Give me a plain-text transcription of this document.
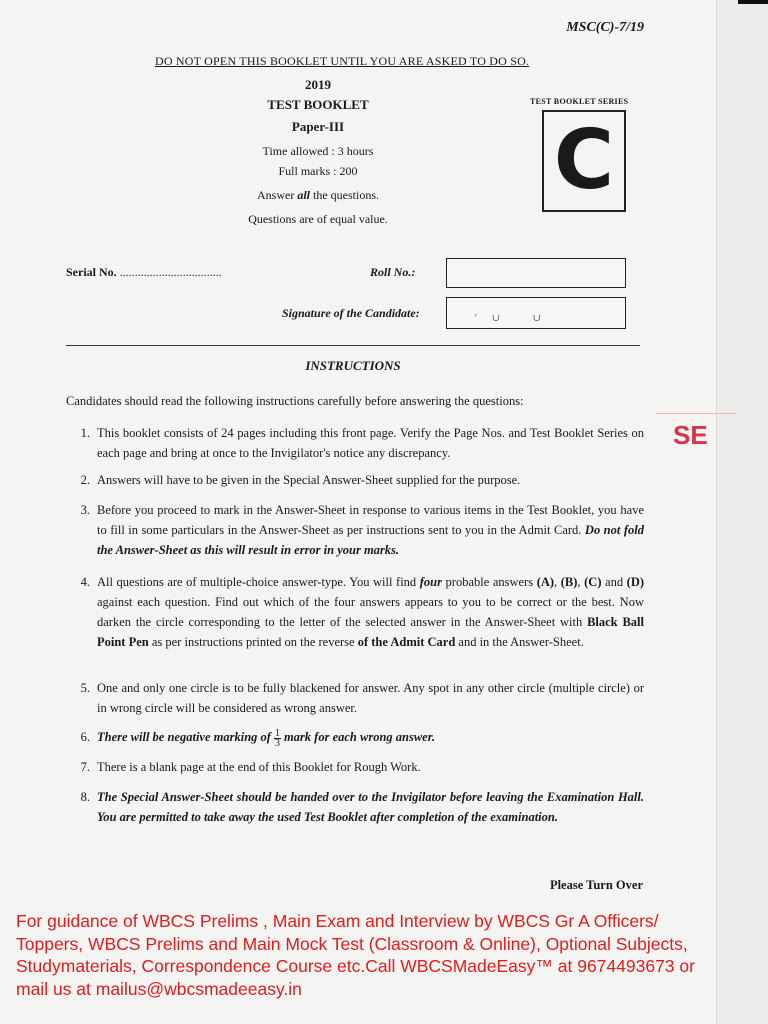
MSC(C)-7/19
DO NOT OPEN THIS BOOKLET UNTIL YOU ARE ASKED TO DO SO.
2019
TEST BOOKLET
Paper-III
Time allowed : 3 hours
Full marks : 200
Answer all the questions.
Questions are of equal value.
TEST BOOKLET SERIES
C
Serial No. ..................................	Roll No.:
Signature of the Candidate:	'      ∪             ∪
INSTRUCTIONS
Candidates should read the following instructions carefully before answering the questions:
1. This booklet consists of 24 pages including this front page. Verify the Page Nos. and Test Booklet Series on each page and bring at once to the Invigilator's notice any discrepancy.
2. Answers will have to be given in the Special Answer-Sheet supplied for the purpose.
3. Before you proceed to mark in the Answer-Sheet in response to various items in the Test Booklet, you have to fill in some particulars in the Answer-Sheet as per instructions sent to you in the Admit Card. Do not fold the Answer-Sheet as this will result in error in your marks.
4. All questions are of multiple-choice answer-type. You will find four probable answers (A), (B), (C) and (D) against each question. Find out which of the four answers appears to you to be correct or the best. Now darken the circle corresponding to the letter of the selected answer in the Answer-Sheet with Black Ball Point Pen as per instructions printed on the reverse of the Admit Card and in the Answer-Sheet.
5. One and only one circle is to be fully blackened for answer. Any spot in any other circle (multiple circle) or in wrong circle will be considered as wrong answer.
6. There will be negative marking of $\frac{1}{3}$ mark for each wrong answer.
7. There is a blank page at the end of this Booklet for Rough Work.
8. The Special Answer-Sheet should be handed over to the Invigilator before leaving the Examination Hall. You are permitted to take away the used Test Booklet after completion of the examination.
Please Turn Over
SE
For guidance of WBCS Prelims , Main Exam and Interview by WBCS Gr A Officers/ Toppers, WBCS Prelims and Main Mock Test (Classroom & Online), Optional Subjects, Studymaterials, Correspondence Course etc.Call WBCSMadeEasy™ at 9674493673 or mail us at mailus@wbcsmadeeasy.in
